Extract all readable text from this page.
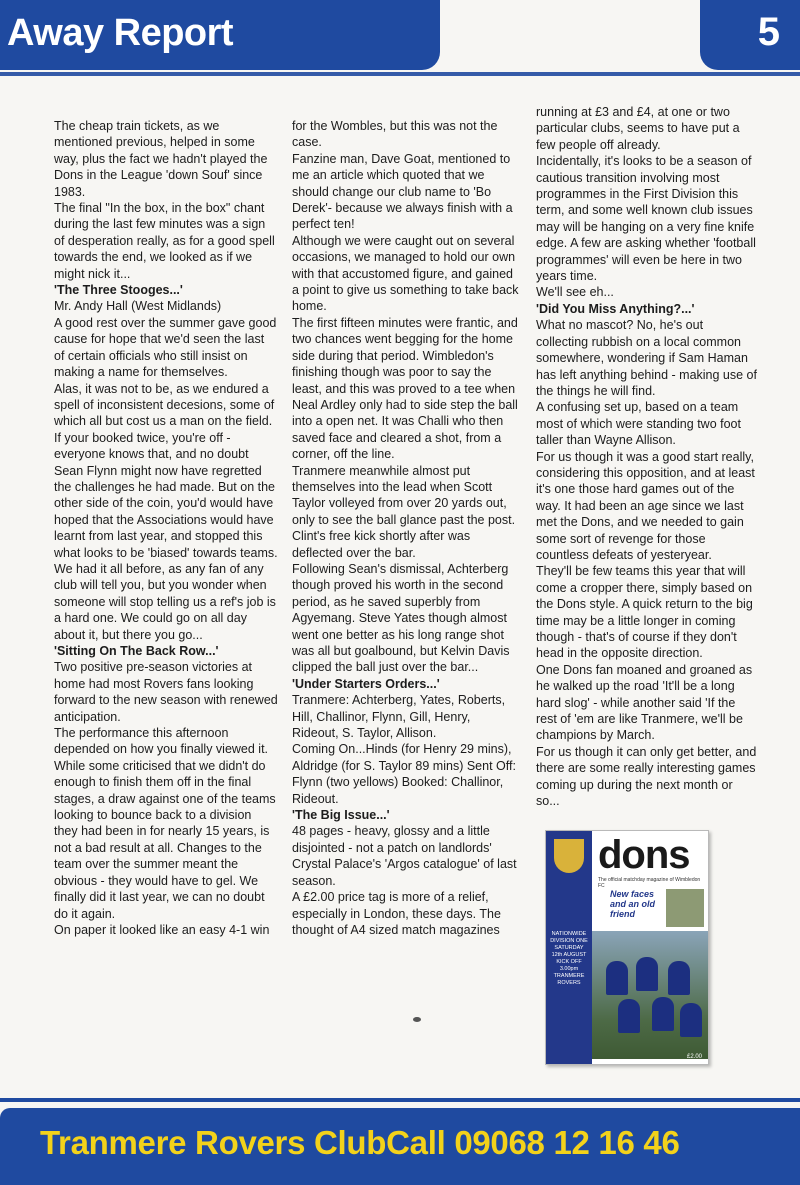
Away Report	5

The cheap train tickets, as we mentioned previous, helped in some way, plus the fact we hadn't played the Dons in the League 'down Souf' since 1983.

The final "In the box, in the box" chant during the last few minutes was a sign of desperation really, as for a good spell towards the end, we looked as if we might nick it...

'The Three Stooges...'

Mr. Andy Hall (West Midlands)

A good rest over the summer gave good cause for hope that we'd seen the last of certain officials who still insist on making a name for themselves.

Alas, it was not to be, as we endured a spell of inconsistent decesions, some of which all but cost us a man on the field.

If your booked twice, you're off - everyone knows that, and no doubt Sean Flynn might now have regretted the challenges he had made. But on the other side of the coin, you'd would have hoped that the Associations would have learnt from last year, and stopped this what looks to be 'biased' towards teams. We had it all before, as any fan of any club will tell you, but you wonder when someone will stop telling us a ref's job is a hard one. We could go on all day about it, but there you go...

'Sitting On The Back Row...'

Two positive pre-season victories at home had most Rovers fans looking forward to the new season with renewed anticipation.

The performance this afternoon depended on how you finally viewed it. While some criticised that we didn't do enough to finish them off in the final stages, a draw against one of the teams looking to bounce back to a division they had been in for nearly 15 years, is not a bad result at all. Changes to the team over the summer meant the obvious - they would have to gel. We finally did it last year, we can no doubt do it again.

On paper it looked like an easy 4-1 win

for the Wombles, but this was not the case.

Fanzine man, Dave Goat, mentioned to me an article which quoted that we should change our club name to 'Bo Derek'- because we always finish with a perfect ten!

Although we were caught out on several occasions, we managed to hold our own with that accustomed figure, and gained a point to give us something to take back home.

The first fifteen minutes were frantic, and two chances went begging for the home side during that period. Wimbledon's finishing though was poor to say the least, and this was proved to a tee when Neal Ardley only had to side step the ball into a open net. It was Challi who then saved face and cleared a shot, from a corner, off the line.

Tranmere meanwhile almost put themselves into the lead when Scott Taylor volleyed from over 20 yards out, only to see the ball glance past the post. Clint's free kick shortly after was deflected over the bar.

Following Sean's dismissal, Achterberg though proved his worth in the second period, as he saved superbly from Agyemang. Steve Yates though almost went one better as his long range shot was all but goalbound, but Kelvin Davis clipped the ball just over the bar...

'Under Starters Orders...'

Tranmere: Achterberg, Yates, Roberts, Hill, Challinor, Flynn, Gill, Henry, Rideout, S. Taylor, Allison.

Coming On...Hinds (for Henry 29 mins), Aldridge (for S. Taylor 89 mins) Sent Off: Flynn (two yellows) Booked: Challinor, Rideout.

'The Big Issue...'

48 pages - heavy, glossy and a little disjointed - not a patch on landlords' Crystal Palace's 'Argos catalogue' of last season.

A £2.00 price tag is more of a relief, especially in London, these days. The thought of A4 sized match magazines

running at £3 and £4, at one or two particular clubs, seems to have put a few people off already.

Incidentally, it's looks to be a season of cautious transition involving most programmes in the First Division this term, and some well known club issues may will be hanging on a very fine knife edge. A few are asking whether 'football programmes' will even be here in two years time.

We'll see eh...

'Did You Miss Anything?...'

What no mascot? No, he's out collecting rubbish on a local common somewhere, wondering if Sam Haman has left anything behind - making use of the things he will find.

A confusing set up, based on a team most of which were standing two foot taller than Wayne Allison.

For us though it was a good start really, considering this opposition, and at least it's one those hard games out of the way. It had been an age since we last met the Dons, and we needed to gain some sort of revenge for those countless defeats of yesteryear.

They'll be few teams this year that will come a cropper there, simply based on the Dons style. A quick return to the big time may be a little longer in coming though - that's of course if they don't head in the opposite direction.

One Dons fan moaned and groaned as he walked up the road 'It'll be a long hard slog' - while another said 'If the rest of 'em are like Tranmere, we'll be champions by March.

For us though it can only get better, and there are some really interesting games coming up during the next month or so...

NATIONWIDE DIVISION ONE SATURDAY 12th AUGUST KICK OFF 3.00pm TRANMERE ROVERS
dons
The official matchday magazine of Wimbledon FC
New faces and an old friend
£2.00
Tranmere Rovers ClubCall 09068 12 16 46
